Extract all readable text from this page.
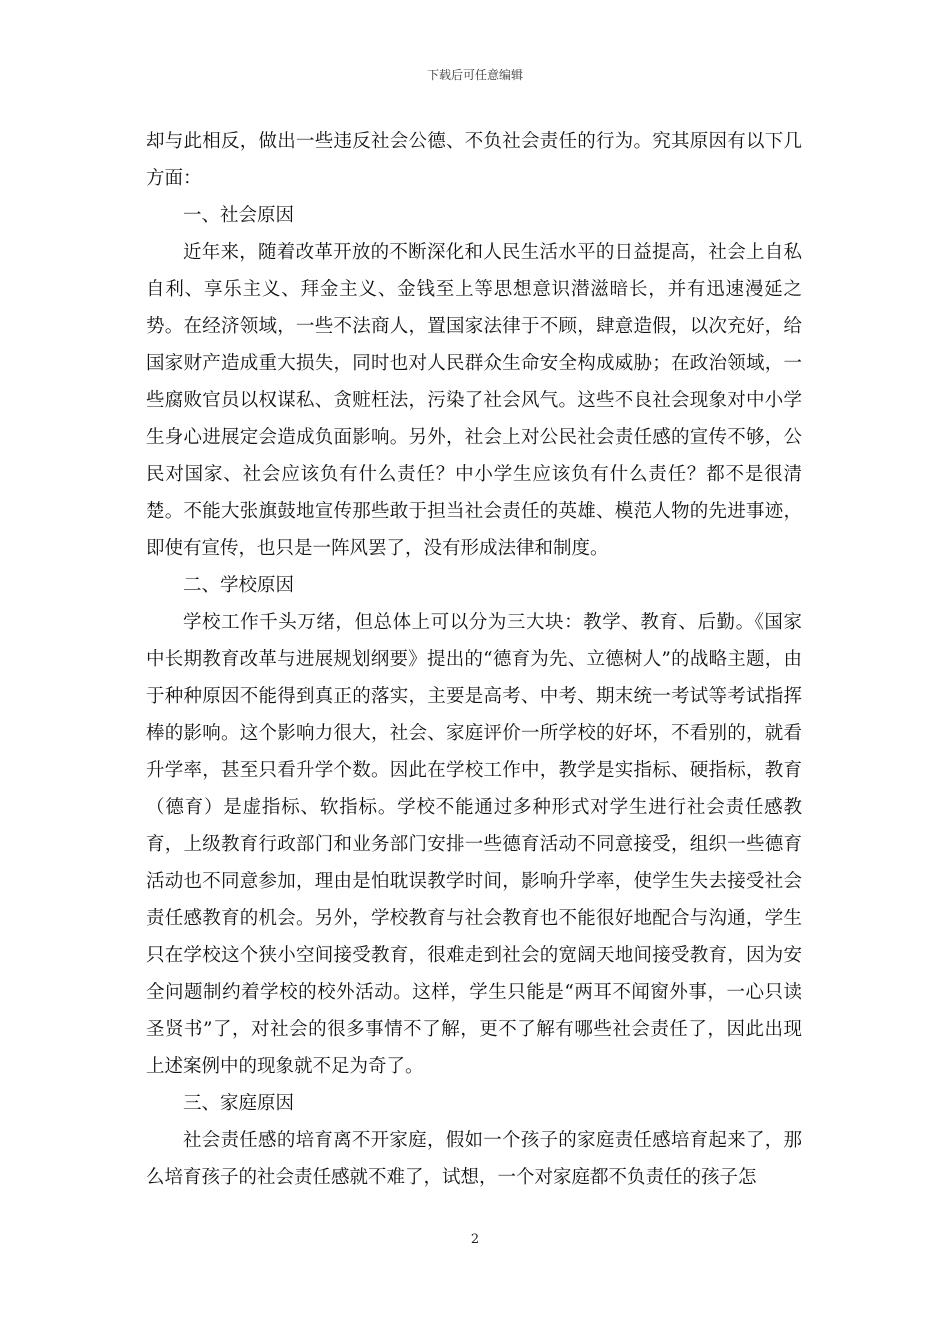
下载后可任意编辑

却与此相反，做出一些违反社会公德、不负社会责任的行为。究其原因有以下几方面：

一、社会原因

近年来，随着改革开放的不断深化和人民生活水平的日益提高，社会上自私自利、享乐主义、拜金主义、金钱至上等思想意识潜滋暗长，并有迅速漫延之势。在经济领域，一些不法商人，置国家法律于不顾，肆意造假，以次充好，给国家财产造成重大损失，同时也对人民群众生命安全构成威胁；在政治领域，一些腐败官员以权谋私、贪赃枉法，污染了社会风气。这些不良社会现象对中小学生身心进展定会造成负面影响。另外，社会上对公民社会责任感的宣传不够，公民对国家、社会应该负有什么责任？中小学生应该负有什么责任？都不是很清楚。不能大张旗鼓地宣传那些敢于担当社会责任的英雄、模范人物的先进事迹，即使有宣传，也只是一阵风罢了，没有形成法律和制度。

二、学校原因

学校工作千头万绪，但总体上可以分为三大块：教学、教育、后勤。《国家中长期教育改革与进展规划纲要》提出的“德育为先、立德树人”的战略主题，由于种种原因不能得到真正的落实，主要是高考、中考、期末统一考试等考试指挥棒的影响。这个影响力很大，社会、家庭评价一所学校的好坏，不看别的，就看升学率，甚至只看升学个数。因此在学校工作中，教学是实指标、硬指标，教育（德育）是虚指标、软指标。学校不能通过多种形式对学生进行社会责任感教育，上级教育行政部门和业务部门安排一些德育活动不同意接受，组织一些德育活动也不同意参加，理由是怕耽误教学时间，影响升学率，使学生失去接受社会责任感教育的机会。另外，学校教育与社会教育也不能很好地配合与沟通，学生只在学校这个狭小空间接受教育，很难走到社会的宽阔天地间接受教育，因为安全问题制约着学校的校外活动。这样，学生只能是“两耳不闻窗外事，一心只读圣贤书”了，对社会的很多事情不了解，更不了解有哪些社会责任了，因此出现上述案例中的现象就不足为奇了。

三、家庭原因

社会责任感的培育离不开家庭，假如一个孩子的家庭责任感培育起来了，那么培育孩子的社会责任感就不难了，试想，一个对家庭都不负责任的孩子怎

2
